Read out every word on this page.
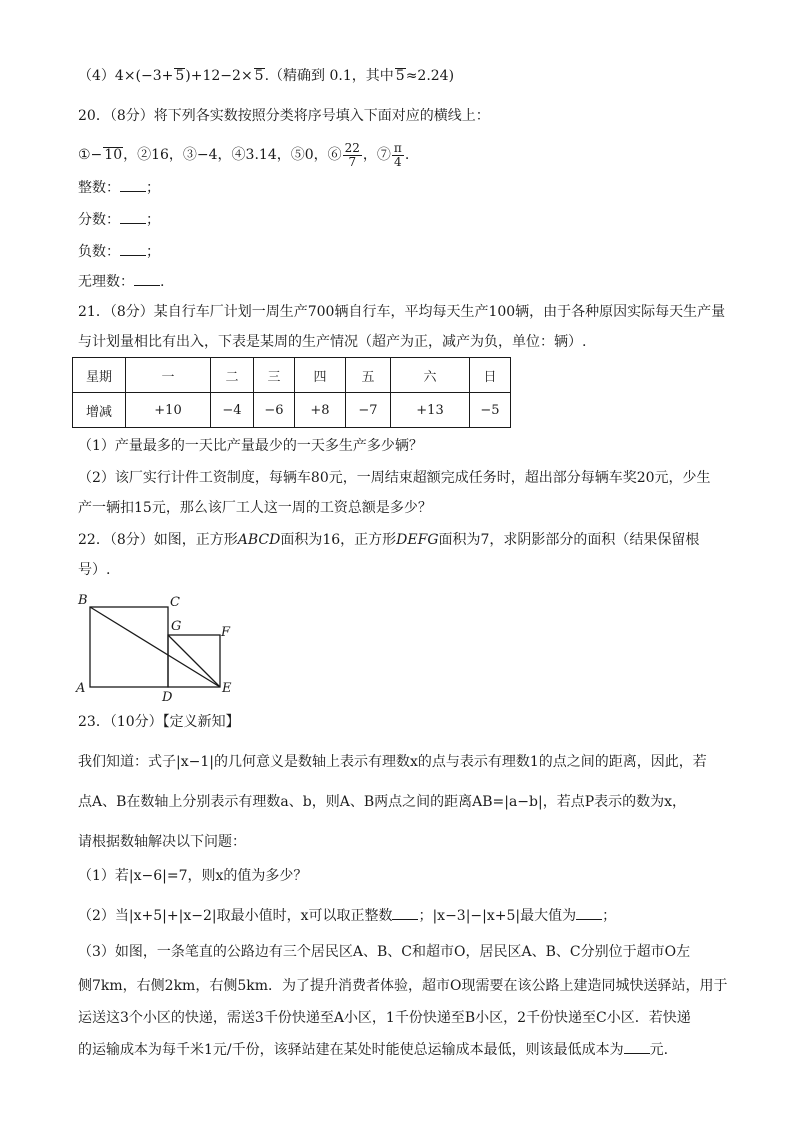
（4）4×(−3+ 5)+12−2× 5.（精确到 0.1，其中 5≈2.24)
20．（8分）将下列各实数按照分类将序号填入下面对应的横线上：
①− 10，②16，③−4，④3.14，⑤0，⑥ $\frac{22}{7}$ ，⑦ $\frac{\pi}{4}$ .
整数： ；
分数： ；
负数： ；
无理数： .
21．（8分）某自行车厂计划一周生产700辆自行车，平均每天生产100辆，由于各种原因实际每天生产量
与计划量相比有出入，下表是某周的生产情况（超产为正，减产为负，单位：辆）.
星期	一	二	三	四	五	六	日
增减	+10	−4	−6	+8	−7	+13	−5
（1）产量最多的一天比产量最少的一天多生产多少辆？
（2）该厂实行计件工资制度，每辆车80元，一周结束超额完成任务时，超出部分每辆车奖20元，少生
产一辆扣15元，那么该厂工人这一周的工资总额是多少？
22．（8分）如图，正方形ABCD面积为16，正方形DEFG面积为7，求阴影部分的面积（结果保留根
号）.
B	C
G	F
A
D
E
23．（10分）【定义新知】
我们知道：式子|x−1|的几何意义是数轴上表示有理数x的点与表示有理数1的点之间的距离，因此，若
点A、B在数轴上分别表示有理数a、b，则A、B两点之间的距离AB=|a−b|，若点P表示的数为x，
请根据数轴解决以下问题：
（1）若|x−6|=7，则x的值为多少？
（2）当|x+5|+|x−2|取最小值时，x可以取正整数 ；|x−3|−|x+5|最大值为 ；
（3）如图，一条笔直的公路边有三个居民区A、B、C和超市O，居民区A、B、C分别位于超市O左
侧7km，右侧2km，右侧5km．为了提升消费者体验，超市O现需要在该公路上建造同城快送驿站，用于
运送这3个小区的快递，需送3千份快递至A小区，1千份快递至B小区，2千份快递至C小区．若快递
的运输成本为每千米1元/千份，该驿站建在某处时能使总运输成本最低，则该最低成本为 元.
